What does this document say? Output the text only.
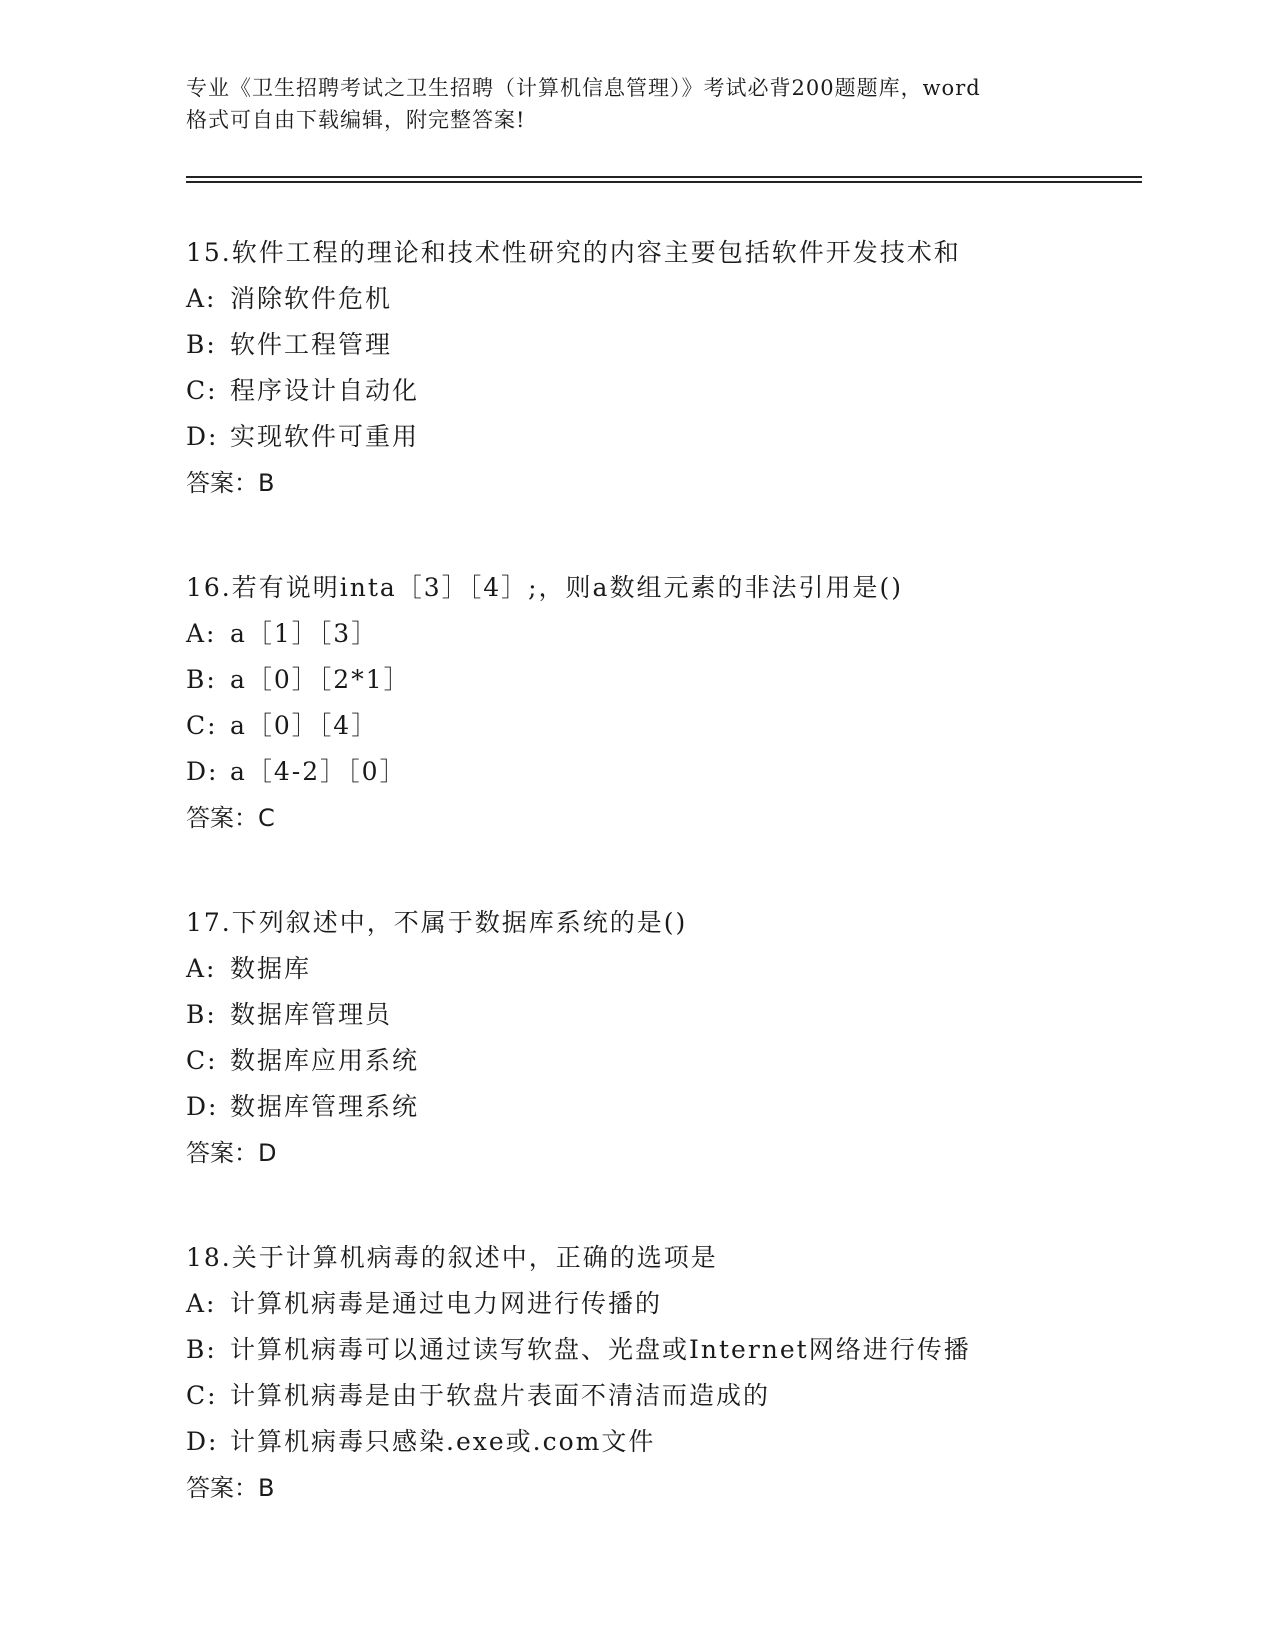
专业《卫生招聘考试之卫生招聘（计算机信息管理）》考试必背200题题库，word
格式可自由下载编辑，附完整答案!
15.软件工程的理论和技术性研究的内容主要包括软件开发技术和
A: 消除软件危机
B: 软件工程管理
C: 程序设计自动化
D: 实现软件可重用
答案：B
16.若有说明inta［3］［4］;，则a数组元素的非法引用是()
A: a［1］［3］
B: a［0］［2*1］
C: a［0］［4］
D: a［4-2］［0］
答案：C
17.下列叙述中，不属于数据库系统的是()
A: 数据库
B: 数据库管理员
C: 数据库应用系统
D: 数据库管理系统
答案：D
18.关于计算机病毒的叙述中，正确的选项是
A: 计算机病毒是通过电力网进行传播的
B: 计算机病毒可以通过读写软盘、光盘或Internet网络进行传播
C: 计算机病毒是由于软盘片表面不清洁而造成的
D: 计算机病毒只感染.exe或.com文件
答案：B
